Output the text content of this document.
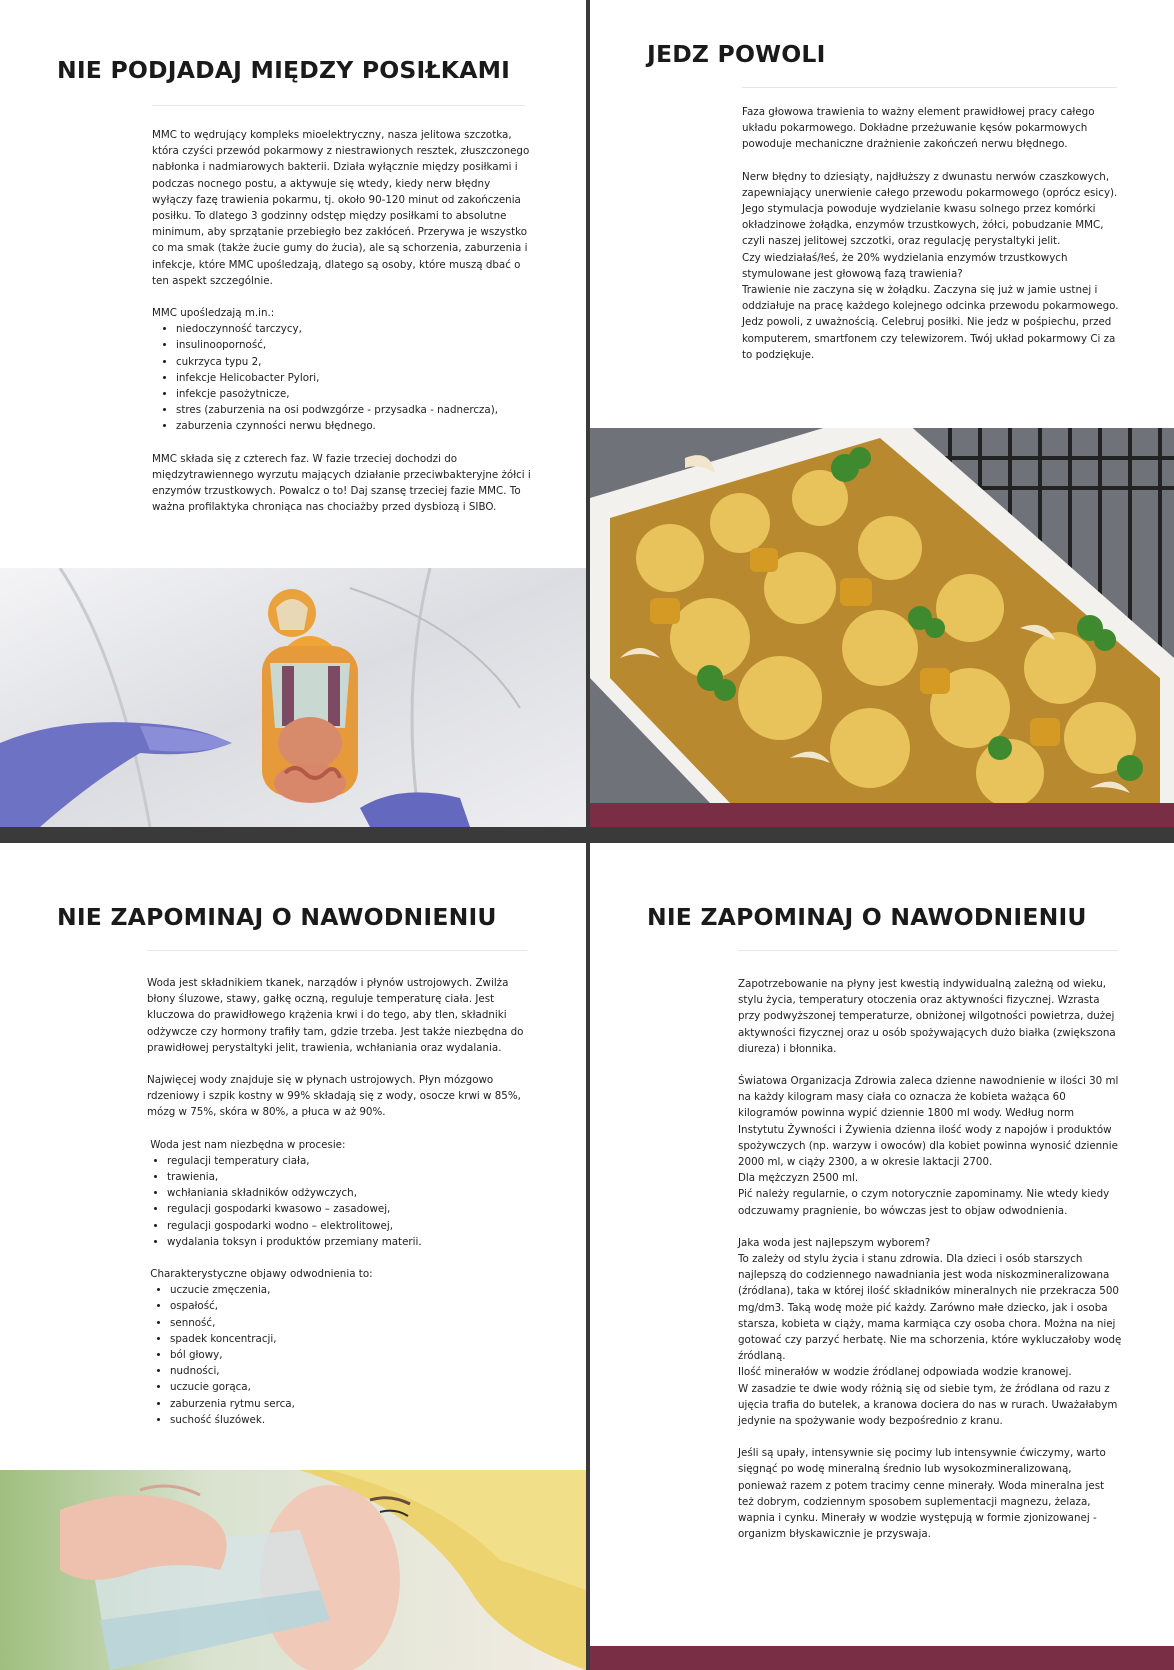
NIE PODJADAJ MIĘDZY POSIŁKAMI

MMC to wędrujący kompleks mioelektryczny, nasza jelitowa szczotka, która czyści przewód pokarmowy z niestrawionych resztek, złuszczonego nabłonka i nadmiarowych bakterii. Działa wyłącznie między posiłkami i podczas nocnego postu, a aktywuje się wtedy, kiedy nerw błędny wyłączy fazę trawienia pokarmu, tj. około 90-120 minut od zakończenia posiłku. To dlatego 3 godzinny odstęp między posiłkami to absolutne minimum, aby sprzątanie przebiegło bez zakłóceń. Przerywa je wszystko co ma smak (także żucie gumy do żucia), ale są schorzenia, zaburzenia i infekcje, które MMC upośledzają, dlatego są osoby, które muszą dbać o ten aspekt szczególnie.

MMC upośledzają m.in.:

• niedoczynność tarczycy,
• insulinooporność,
• cukrzyca typu 2,
• infekcje Helicobacter Pylori,
• infekcje pasożytnicze,
• stres (zaburzenia na osi podwzgórze - przysadka - nadnercza),
• zaburzenia czynności nerwu błędnego.

MMC składa się z czterech faz. W fazie trzeciej dochodzi do międzytrawiennego wyrzutu mających działanie przeciwbakteryjne żółci i enzymów trzustkowych. Powalcz o to! Daj szansę trzeciej fazie MMC. To ważna profilaktyka chroniąca nas chociażby przed dysbiozą i SIBO.

JEDZ POWOLI

Faza głowowa trawienia to ważny element prawidłowej pracy całego układu pokarmowego. Dokładne przeżuwanie kęsów pokarmowych powoduje mechaniczne drażnienie zakończeń nerwu błędnego.

Nerw błędny to dziesiąty, najdłuższy z dwunastu nerwów czaszkowych, zapewniający unerwienie całego przewodu pokarmowego (oprócz esicy). Jego stymulacja powoduje wydzielanie kwasu solnego przez komórki okładzinowe żołądka, enzymów trzustkowych, żółci, pobudzanie MMC, czyli naszej jelitowej szczotki, oraz regulację perystaltyki jelit.

Czy wiedziałaś/łeś, że 20% wydzielania enzymów trzustkowych stymulowane jest głowową fazą trawienia?

Trawienie nie zaczyna się w żołądku. Zaczyna się już w jamie ustnej i oddziałuje na pracę każdego kolejnego odcinka przewodu pokarmowego.

Jedz powoli, z uważnością. Celebruj posiłki. Nie jedz w pośpiechu, przed komputerem, smartfonem czy telewizorem. Twój układ pokarmowy Ci za to podziękuje.

NIE ZAPOMINAJ O NAWODNIENIU

Woda jest składnikiem tkanek, narządów i płynów ustrojowych. Zwilża błony śluzowe, stawy, gałkę oczną, reguluje temperaturę ciała. Jest kluczowa do prawidłowego krążenia krwi i do tego, aby tlen, składniki odżywcze czy hormony trafiły tam, gdzie trzeba. Jest także niezbędna do prawidłowej perystaltyki jelit, trawienia, wchłaniania oraz wydalania.

Najwięcej wody znajduje się w płynach ustrojowych. Płyn mózgowo rdzeniowy i szpik kostny w 99% składają się z wody, osocze krwi w 85%, mózg w 75%, skóra w 80%, a płuca w aż 90%.

Woda jest nam niezbędna w procesie:

• regulacji temperatury ciała,
• trawienia,
• wchłaniania składników odżywczych,
• regulacji gospodarki kwasowo – zasadowej,
• regulacji gospodarki wodno – elektrolitowej,
• wydalania toksyn i produktów przemiany materii.

Charakterystyczne objawy odwodnienia to:

• uczucie zmęczenia,
• ospałość,
• senność,
• spadek koncentracji,
• ból głowy,
• nudności,
• uczucie gorąca,
• zaburzenia rytmu serca,
• suchość śluzówek.
NIE ZAPOMINAJ O NAWODNIENIU

Zapotrzebowanie na płyny jest kwestią indywidualną zależną od wieku, stylu życia, temperatury otoczenia oraz aktywności fizycznej. Wzrasta przy podwyższonej temperaturze, obniżonej wilgotności powietrza, dużej aktywności fizycznej oraz u osób spożywających dużo białka (zwiększona diureza) i błonnika.

Światowa Organizacja Zdrowia zaleca dzienne nawodnienie w ilości 30 ml na każdy kilogram masy ciała co oznacza że kobieta ważąca 60 kilogramów powinna wypić dziennie 1800 ml wody. Według norm Instytutu Żywności i Żywienia dzienna ilość wody z napojów i produktów spożywczych (np. warzyw i owoców) dla kobiet powinna wynosić dziennie 2000 ml, w ciąży 2300, a w okresie laktacji 2700.

Dla mężczyzn 2500 ml.

Pić należy regularnie, o czym notorycznie zapominamy. Nie wtedy kiedy odczuwamy pragnienie, bo wówczas jest to objaw odwodnienia.

Jaka woda jest najlepszym wyborem?

To zależy od stylu życia i stanu zdrowia. Dla dzieci i osób starszych najlepszą do codziennego nawadniania jest woda niskozmineralizowana (źródlana), taka w której ilość składników mineralnych nie przekracza 500 mg/dm3. Taką wodę może pić każdy. Zarówno małe dziecko, jak i osoba starsza, kobieta w ciąży, mama karmiąca czy osoba chora. Można na niej gotować czy parzyć herbatę. Nie ma schorzenia, które wykluczałoby wodę źródlaną.

Ilość minerałów w wodzie źródlanej odpowiada wodzie kranowej.

W zasadzie te dwie wody różnią się od siebie tym, że źródlana od razu z ujęcia trafia do butelek, a kranowa dociera do nas w rurach. Uważałabym jedynie na spożywanie wody bezpośrednio z kranu.

Jeśli są upały, intensywnie się pocimy lub intensywnie ćwiczymy, warto sięgnąć po wodę mineralną średnio lub wysokozmineralizowaną, ponieważ razem z potem tracimy cenne minerały. Woda mineralna jest też dobrym, codziennym sposobem suplementacji magnezu, żelaza, wapnia i cynku. Minerały w wodzie występują w formie zjonizowanej - organizm błyskawicznie je przyswaja.
